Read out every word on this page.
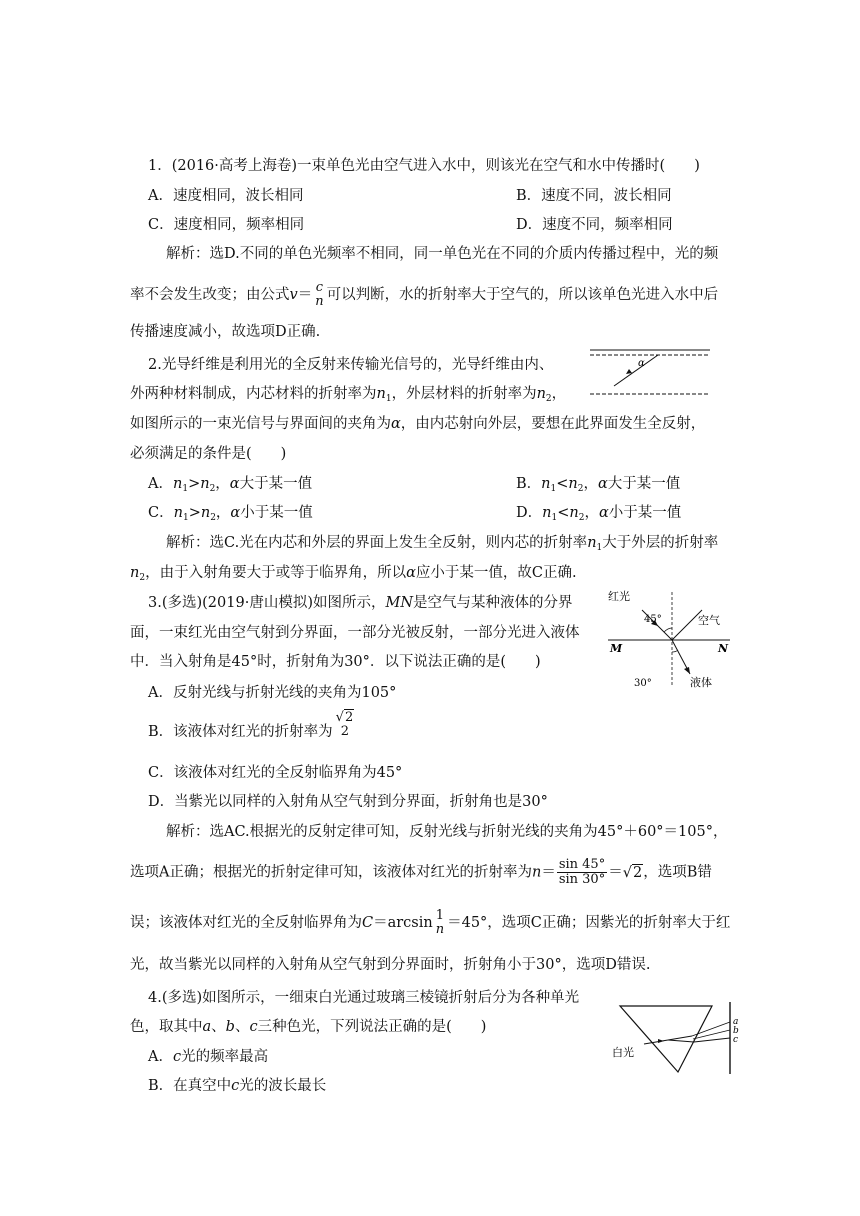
1．(2016·高考上海卷)一束单色光由空气进入水中，则该光在空气和水中传播时(　　)
A．速度相同，波长相同	B．速度不同，波长相同
C．速度相同，频率相同	D．速度不同，频率相同
解析：选D.不同的单色光频率不相同，同一单色光在不同的介质内传播过程中，光的频
率不会发生改变；由公式v＝ c
n 可以判断，水的折射率大于空气的，所以该单色光进入水中后
传播速度减小，故选项D正确.
2.光导纤维是利用光的全反射来传输光信号的，光导纤维由内、
外两种材料制成，内芯材料的折射率为$n_1$，外层材料的折射率为$n_2$，
如图所示的一束光信号与界面间的夹角为α，由内芯射向外层，要想在此界面发生全反射，
必须满足的条件是(　　)
A．$n_1>n_2$，α大于某一值	B．$n_1<n_2$，α大于某一值
C．$n_1>n_2$，α小于某一值	D．$n_1<n_2$，α小于某一值
解析：选C.光在内芯和外层的界面上发生全反射，则内芯的折射率$n_1$大于外层的折射率
$n_2$，由于入射角要大于或等于临界角，所以α应小于某一值，故C正确.
α
3.(多选)(2019·唐山模拟)如图所示，MN是空气与某种液体的分界
面，一束红光由空气射到分界面，一部分光被反射，一部分光进入液体
中．当入射角是45°时，折射角为30°．以下说法正确的是(　　)
A．反射光线与折射光线的夹角为105°
B．该液体对红光的折射率为
√2
2
C．该液体对红光的全反射临界角为45°
D．当紫光以同样的入射角从空气射到分界面，折射角也是30°
解析：选AC.根据光的反射定律可知，反射光线与折射光线的夹角为45°＋60°＝105°，
选项A正确；根据光的折射定律可知，该液体对红光的折射率为$n= \frac{\sin 45^\circ}{\sin 30^\circ} =√2$，选项B错
误；该液体对红光的全反射临界角为C＝arcsin 1
n ＝45°，选项C正确；因紫光的折射率大于红
光，故当紫光以同样的入射角从空气射到分界面时，折射角小于30°，选项D错误.
红光
45°	空气
M	N
30°	液体
4.(多选)如图所示，一细束白光通过玻璃三棱镜折射后分为各种单光
色，取其中a、b、c三种色光，下列说法正确的是(　　)
A．c光的频率最高
B．在真空中c光的波长最长
白光
a
b
c
